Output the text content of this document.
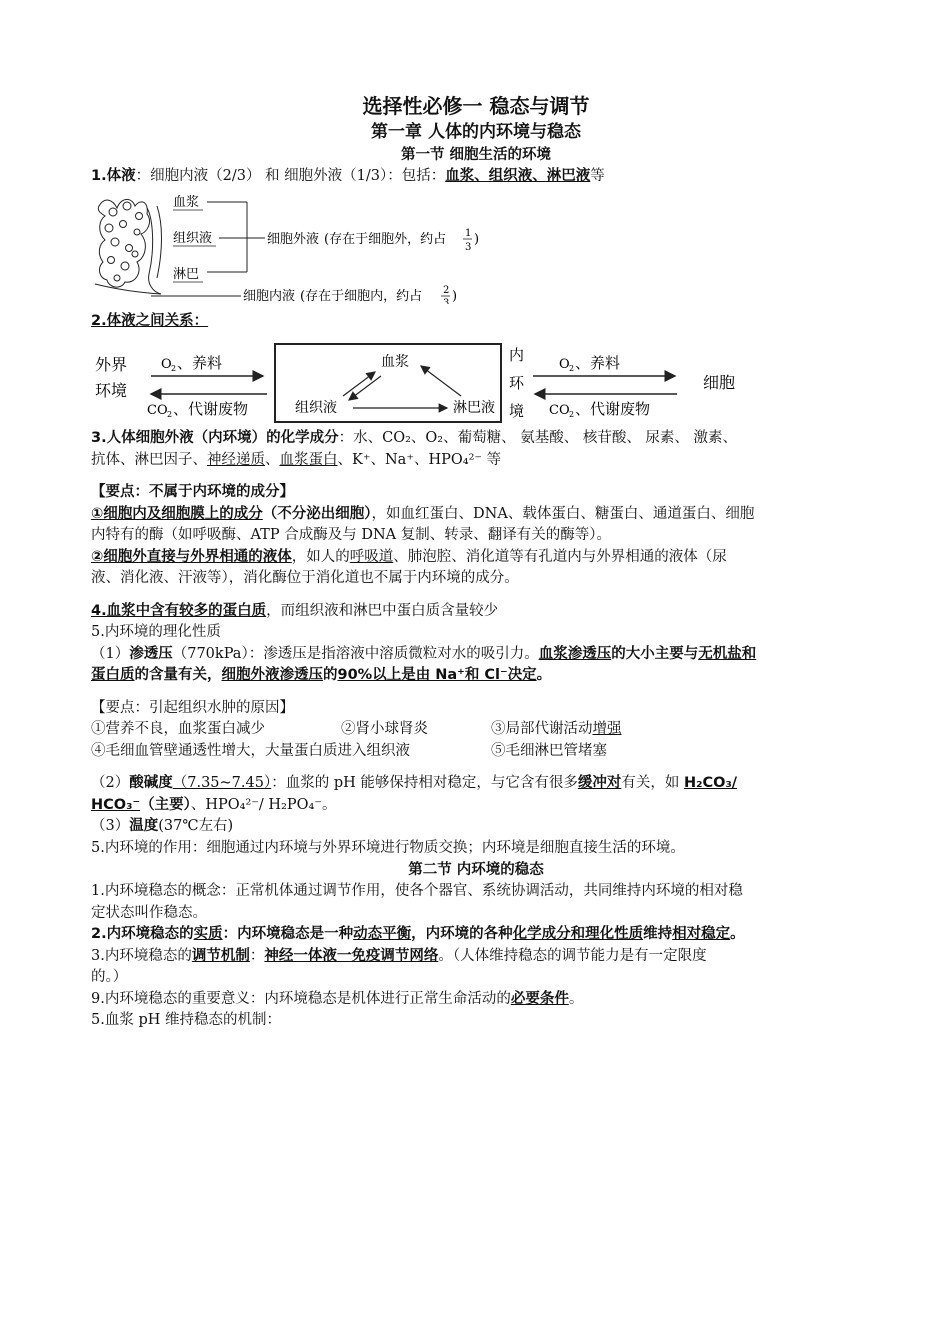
选择性必修一 稳态与调节

第一章 人体的内环境与稳态

第一节 细胞生活的环境

1.体液：细胞内液（2/3） 和 细胞外液（1/3）：包括：血浆、组织液、淋巴液等

血浆
组织液
淋巴
细胞外液 (存在于细胞外，约占 1
3
)
细胞内液 (存在于细胞内，约占 2
3 )

2.体液之间关系：

外界
环境
O 2 、养料
CO 2 、代谢废物
血浆
组织液	淋巴液
内
环
境
O 2 、养料
CO 2 、代谢废物
细胞

3.人体细胞外液（内环境）的化学成分：水、CO₂、O₂、葡萄糖、 氨基酸、 核苷酸、 尿素、 激素、

抗体、淋巴因子、神经递质、血浆蛋白、K⁺、Na⁺、HPO₄²⁻ 等

【要点：不属于内环境的成分】

①细胞内及细胞膜上的成分（不分泌出细胞），如血红蛋白、DNA、载体蛋白、糖蛋白、通道蛋白、细胞

内特有的酶（如呼吸酶、ATP 合成酶及与 DNA 复制、转录、翻译有关的酶等）。

②细胞外直接与外界相通的液体，如人的呼吸道、肺泡腔、消化道等有孔道内与外界相通的液体（尿

液、消化液、汗液等），消化酶位于消化道也不属于内环境的成分。

4.血浆中含有较多的蛋白质，而组织液和淋巴中蛋白质含量较少

5.内环境的理化性质

（1）渗透压（770kPa）：渗透压是指溶液中溶质微粒对水的吸引力。血浆渗透压的大小主要与无机盐和

蛋白质的含量有关，细胞外液渗透压的90%以上是由 Na⁺和 Cl⁻决定。

【要点：引起组织水肿的原因】

①营养不良，血浆蛋白减少	②肾小球肾炎	③局部代谢活动增强

④毛细血管壁通透性增大，大量蛋白质进入组织液	⑤毛细淋巴管堵塞

（2）酸碱度（7.35~7.45）：血浆的 pH 能够保持相对稳定，与它含有很多缓冲对有关，如 H₂CO₃/

HCO₃⁻（主要）、HPO₄²⁻/ H₂PO₄⁻。

（3）温度(37℃左右)

5.内环境的作用：细胞通过内环境与外界环境进行物质交换；内环境是细胞直接生活的环境。

第二节 内环境的稳态

1.内环境稳态的概念：正常机体通过调节作用，使各个器官、系统协调活动，共同维持内环境的相对稳

定状态叫作稳态。

2.内环境稳态的实质：内环境稳态是一种动态平衡，内环境的各种化学成分和理化性质维持相对稳定。

3.内环境稳态的调节机制：神经一体液一免疫调节网络。（人体维持稳态的调节能力是有一定限度

的。）

9.内环境稳态的重要意义：内环境稳态是机体进行正常生命活动的必要条件。

5.血浆 pH 维持稳态的机制：
